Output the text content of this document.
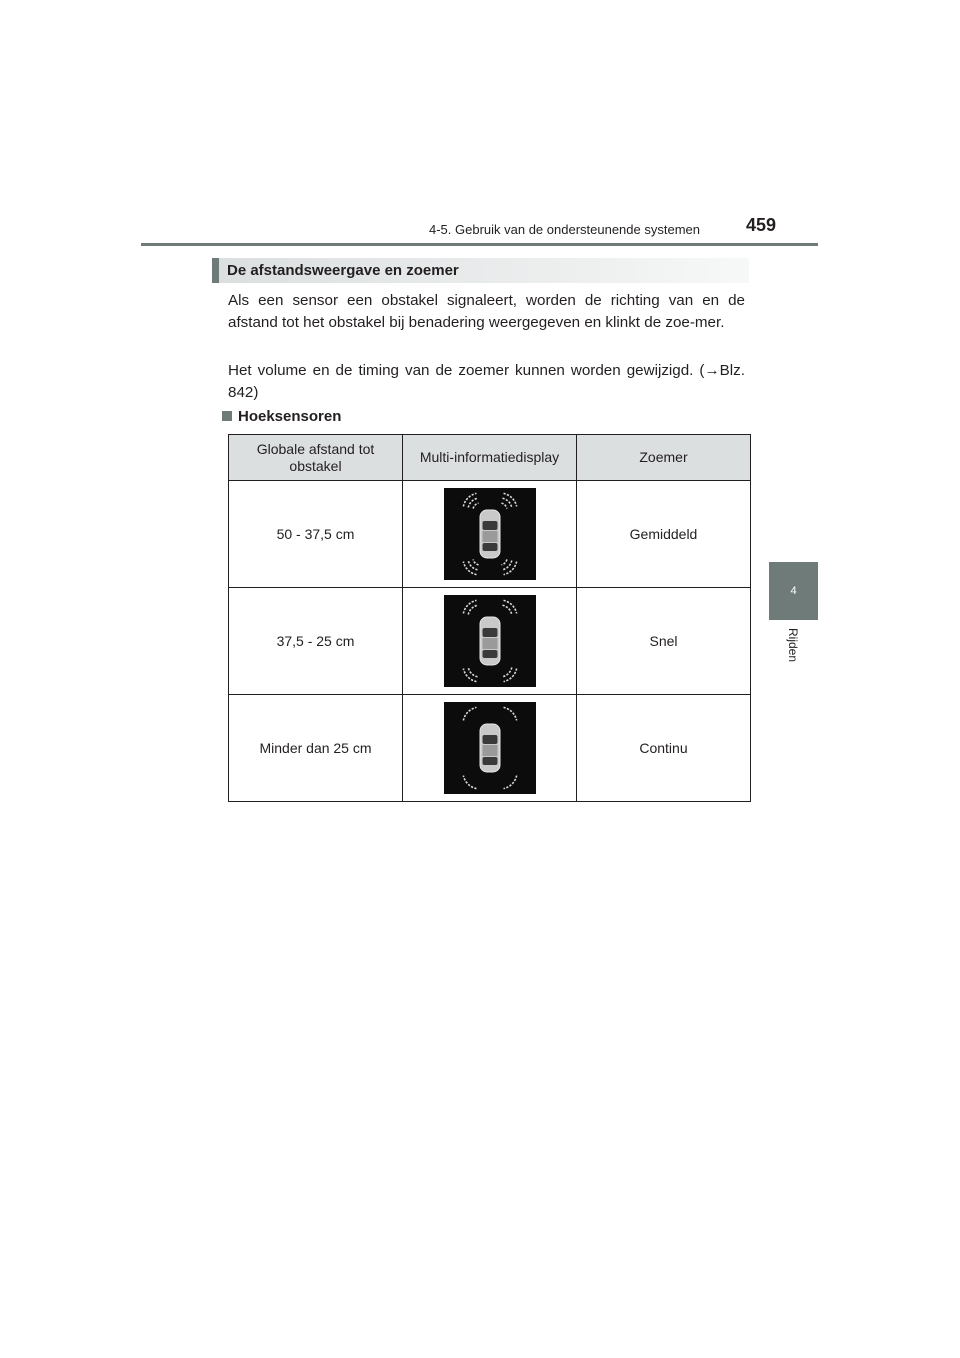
4-5. Gebruik van de ondersteunende systemen	459
4
Rijden
De afstandsweergave en zoemer

Als een sensor een obstakel signaleert, worden de richting van en de afstand tot het obstakel bij benadering weergegeven en klinkt de zoe-mer.

Het volume en de timing van de zoemer kunnen worden gewijzigd. (→Blz. 842)

Hoeksensoren
Globale afstand tot obstakel	Multi-informatiedisplay	Zoemer
50 - 37,5 cm		Gemiddeld
37,5 - 25 cm		Snel
Minder dan 25 cm		Continu
